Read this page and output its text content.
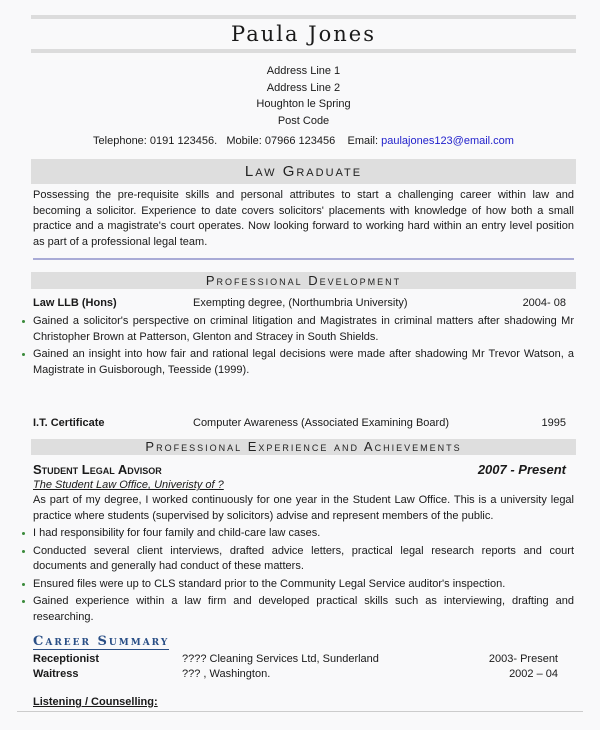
Paula Jones
Address Line 1
Address Line 2
Houghton le Spring
Post Code
Telephone: 0191 123456. Mobile: 07966 123456 Email: paulajones123@email.com
Law Graduate
Possessing the pre-requisite skills and personal attributes to start a challenging career within law and becoming a solicitor. Experience to date covers solicitors' placements with knowledge of how both a small practice and a magistrate's court operates. Now looking forward to working hard within an entry level position as part of a professional legal team.
Professional Development
Law LLB (Hons)	Exempting degree, (Northumbria University)	2004- 08
Gained a solicitor's perspective on criminal litigation and Magistrates in criminal matters after shadowing Mr Christopher Brown at Patterson, Glenton and Stracey in South Shields.
Gained an insight into how fair and rational legal decisions were made after shadowing Mr Trevor Watson, a Magistrate in Guisborough, Teesside (1999).
I.T. Certificate	Computer Awareness (Associated Examining Board)	1995
Professional Experience and Achievements
Student Legal Advisor	2007 - Present
The Student Law Office, Univeristy of ?
As part of my degree, I worked continuously for one year in the Student Law Office. This is a university legal practice where students (supervised by solicitors) advise and represent members of the public.
I had responsibility for four family and child-care law cases.
Conducted several client interviews, drafted advice letters, practical legal research reports and court documents and generally had conduct of these matters.
Ensured files were up to CLS standard prior to the Community Legal Service auditor's inspection.
Gained experience within a law firm and developed practical skills such as interviewing, drafting and researching.
Career Summary
Receptionist	???? Cleaning Services Ltd, Sunderland	2003- Present
Waitress	??? , Washington.	2002 – 04
Listening / Counselling:
